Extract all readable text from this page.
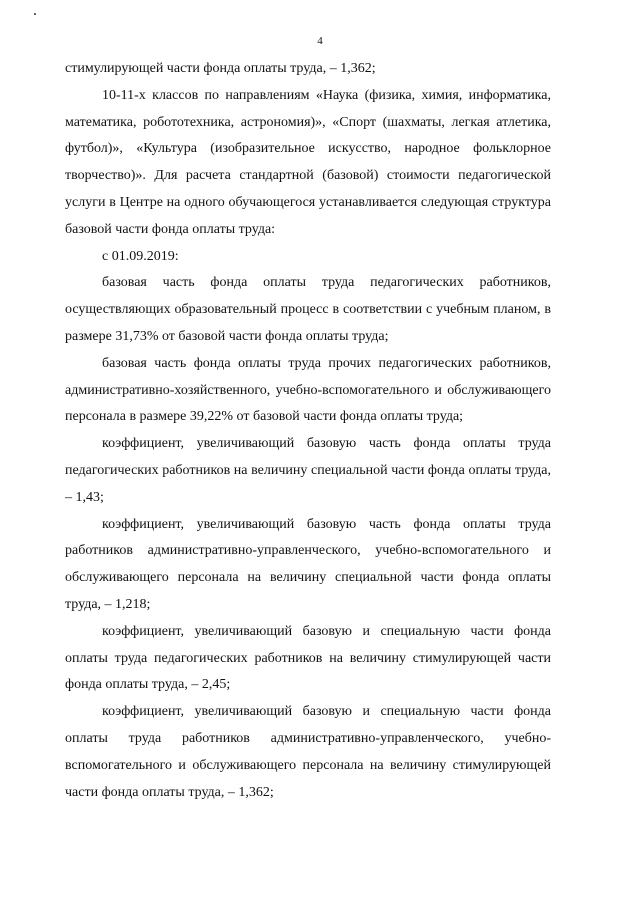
4

стимулирующей части фонда оплаты труда, – 1,362;

10-11-х классов по направлениям «Наука (физика, химия, информатика, математика, робототехника, астрономия)», «Спорт (шахматы, легкая атлетика, футбол)», «Культура (изобразительное искусство, народное фольклорное творчество)». Для расчета стандартной (базовой) стоимости педагогической услуги в Центре на одного обучающегося устанавливается следующая структура базовой части фонда оплаты труда:

с 01.09.2019:

базовая часть фонда оплаты труда педагогических работников, осуществляющих образовательный процесс в соответствии с учебным планом, в размере 31,73% от базовой части фонда оплаты труда;

базовая часть фонда оплаты труда прочих педагогических работников, административно-хозяйственного, учебно-вспомогательного и обслуживающего персонала в размере 39,22% от базовой части фонда оплаты труда;

коэффициент, увеличивающий базовую часть фонда оплаты труда педагогических работников на величину специальной части фонда оплаты труда, – 1,43;

коэффициент, увеличивающий базовую часть фонда оплаты труда работников административно-управленческого, учебно-вспомогательного и обслуживающего персонала на величину специальной части фонда оплаты труда, – 1,218;

коэффициент, увеличивающий базовую и специальную части фонда оплаты труда педагогических работников на величину стимулирующей части фонда оплаты труда, – 2,45;

коэффициент, увеличивающий базовую и специальную части фонда оплаты труда работников административно-управленческого, учебно-вспомогательного и обслуживающего персонала на величину стимулирующей части фонда оплаты труда, – 1,362;
